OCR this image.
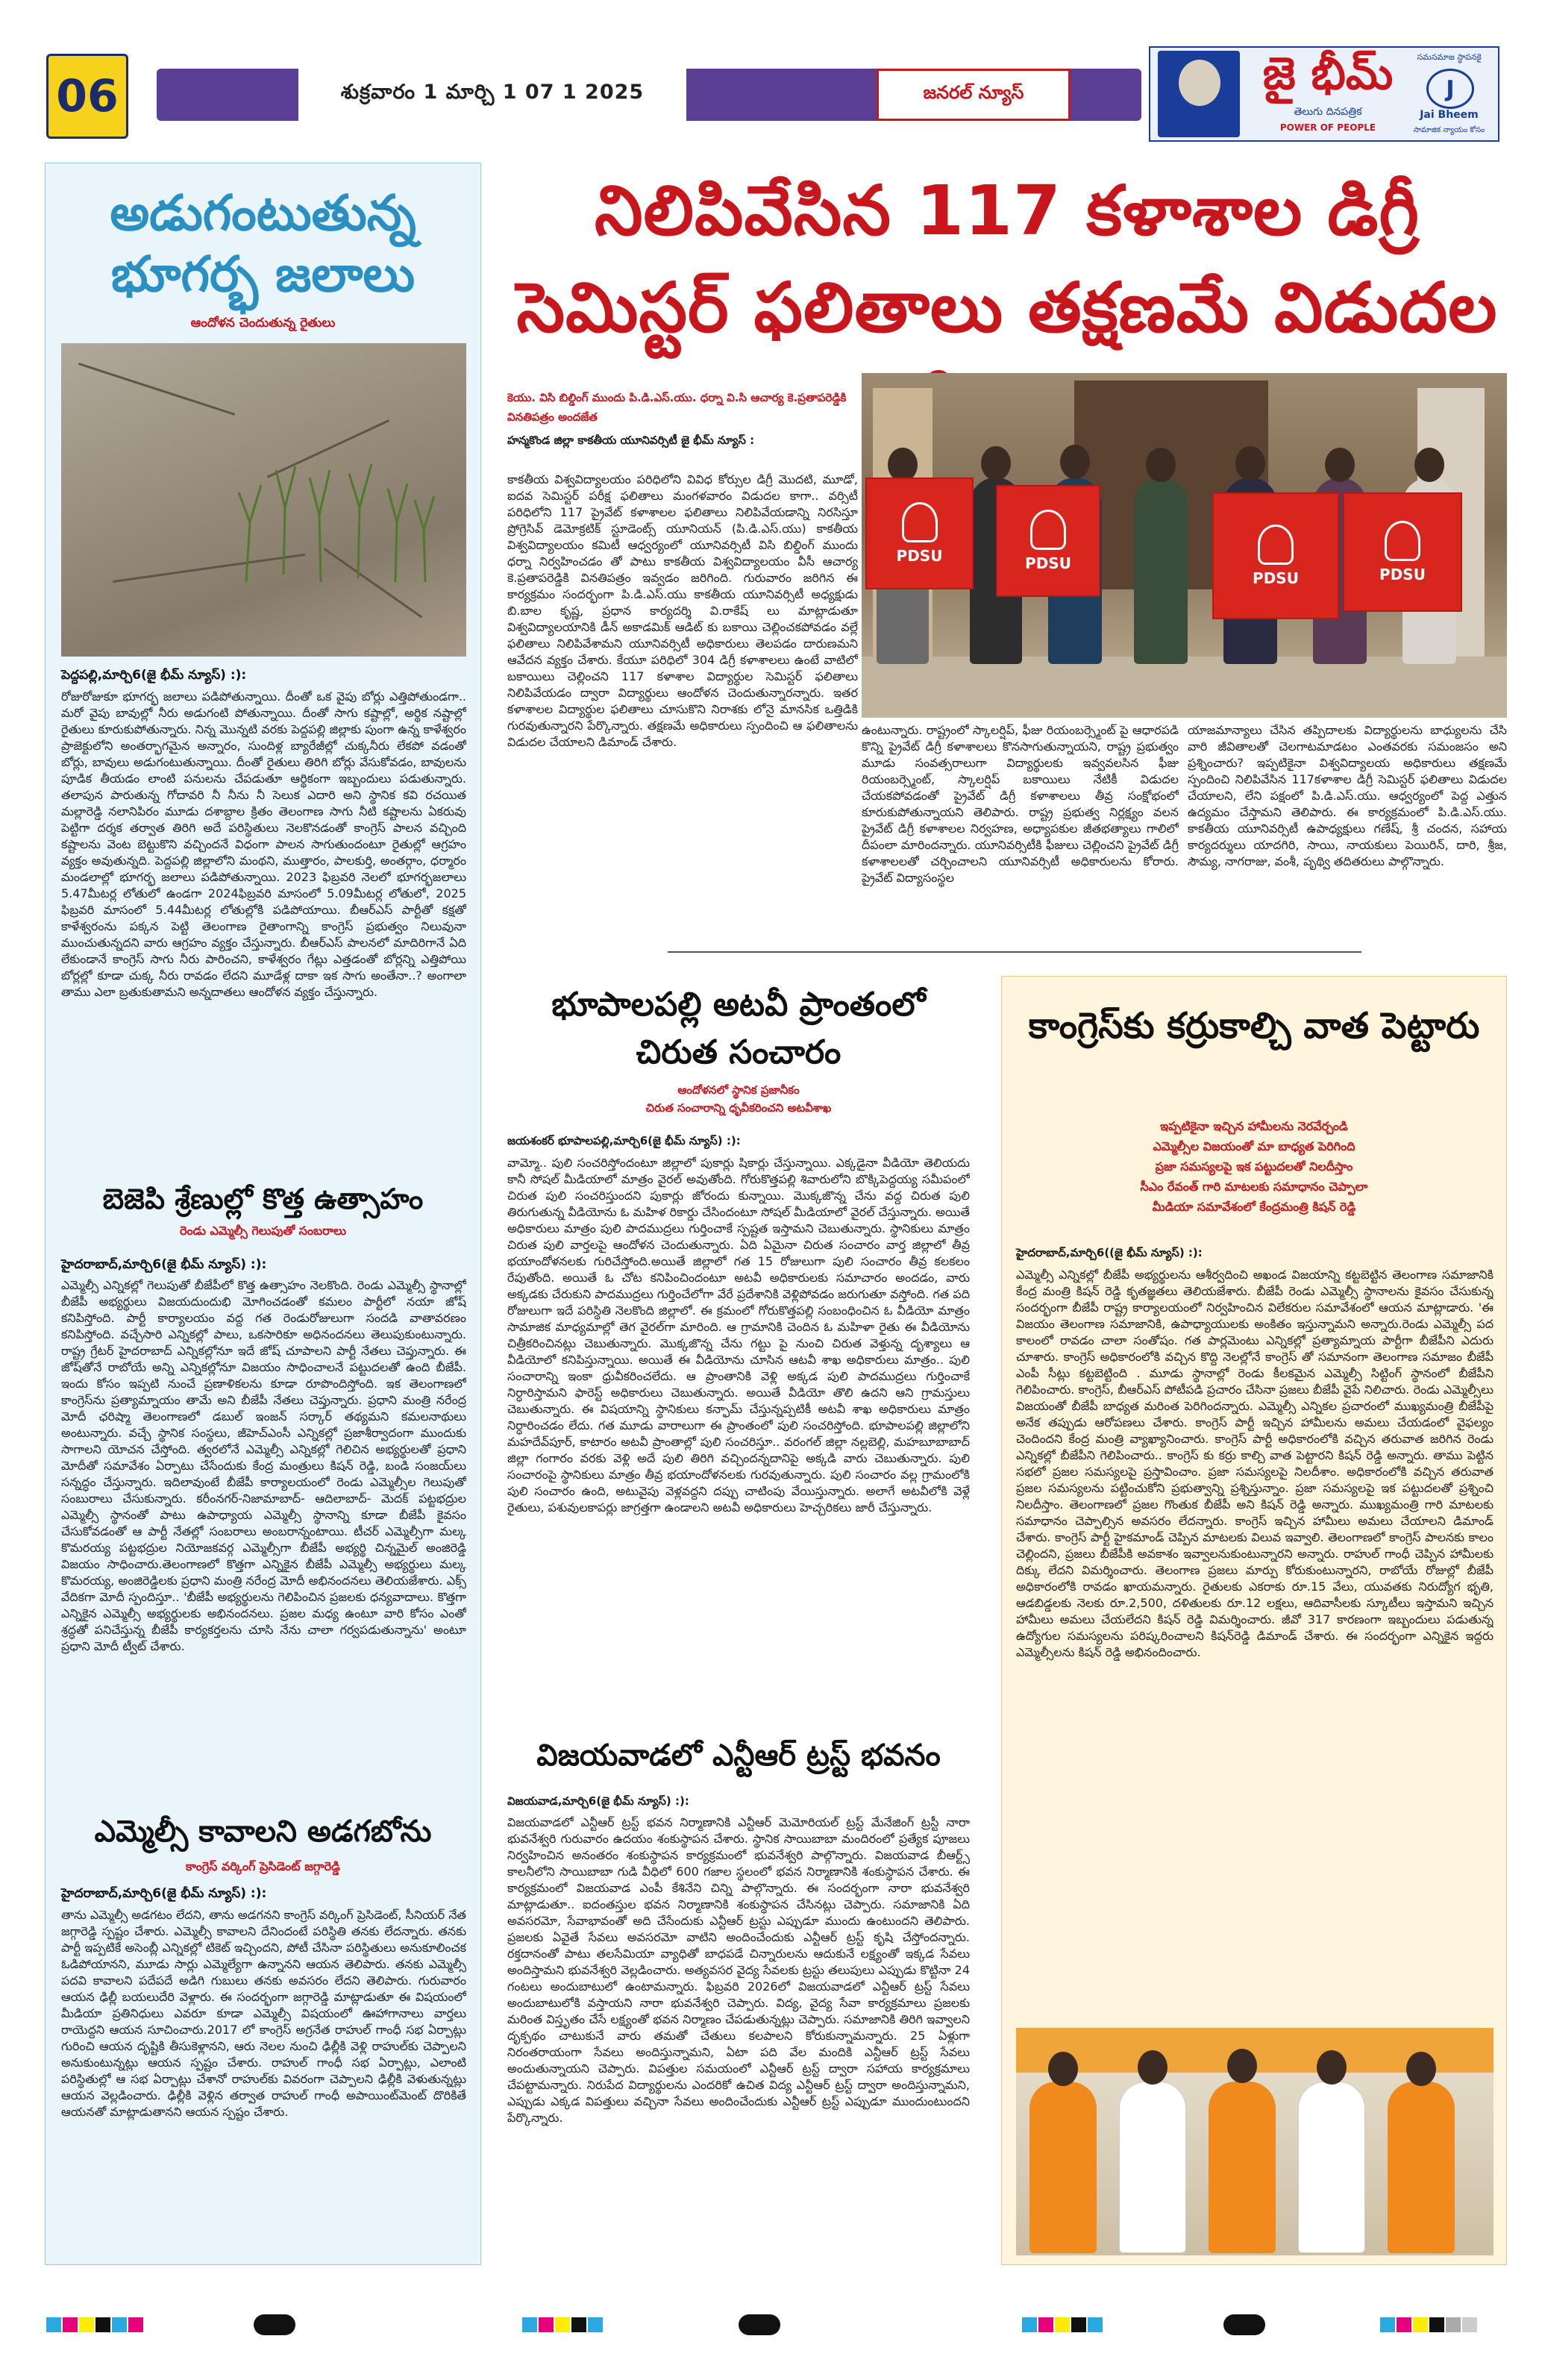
06	శుక్రవారం 1 మార్చి 1 07 1 2025	జనరల్ న్యూస్	జై భీమ్
తెలుగు దినపత్రిక
POWER OF PEOPLE
సమసమాజ స్థాపనకై
J
Jai Bheem
సామాజిక న్యాయం కోసం
అడుగంటుతున్న భూగర్భ జలాలు
ఆందోళన చెందుతున్న రైతులు
పెద్దపల్లి,మార్చి6(జై భీమ్ న్యూస్) :):
రోజురోజుకూ భూగర్భ జలాలు పడిపోతున్నాయి. దీంతో ఒక వైపు బోర్లు ఎత్తిపోతుండగా.. మరో వైపు బావుల్లో నీరు అడుగంటి పోతున్నాయి. దీంతో సాగు కష్టాల్లో, అర్థిక నష్టాల్లో రైతులు కూరుకుపోతున్నారు. నిన్న మొన్నటి వరకు పెద్దపల్లి జిల్లాకు పుంగా ఉన్న కాళేశ్వరం ప్రాజెక్టులోని అంతర్భాగమైన అన్నారం, సుందిళ్ల బ్యారేజీల్లో చుక్కనీరు లేకపో వడంతో బోర్లు, బావులు అడుగంటుతున్నాయి. దీంతో రైతులు తిరిగి బోర్లు వేసుకోవడం, బావులను పూడిక తీయడం లాంటి పనులను చేపడుతూ ఆర్థికంగా ఇబ్బందులు పడుతున్నారు. తలాపున పారుతున్న గోదావరి నీ నీను నీ సెలుక ఎదారి అని స్థానిక కవి రచయిత మల్లారెడ్డి నలానిపిరం మూడు దశాబ్దాల క్రితం తెలంగాణ సాగు నీటి కష్టాలను ఏకరువు పెట్టిగా దర్శక తర్వాత తిరిగి అదే పరిస్థితులు నెలకొనడంతో కాంగ్రెస్ పాలన వచ్చింది కష్టాలను వెంట బెట్టుకొని వచ్చిందనే విధంగా పాలన సాగుతుందంటూ రైతుల్లో ఆగ్రహం వ్యక్తం అవుతున్నది. పెద్దపల్లి జిల్లాలోని మంథని, ముత్తారం, పాలకుర్తి, అంతర్గాం, ధర్మారం మండలాల్లో భూగర్భ జలాలు పడిపోతున్నాయి. 2023 ఫిబ్రవరి నెలలో భూగర్భజలాలు 5.47మీటర్ల లోతులో ఉండగా 2024ఫిబ్రవరి మాసంలో 5.09మీటర్ల లోతులో, 2025 ఫిబ్రవరి మాసంలో 5.44మీటర్ల లోతుల్లోకి పడిపోయాయి. బీఆర్ఎస్ పార్టీతో కక్షతో కాళేశ్వరంను పక్కన పెట్టి తెలంగాణ రైతాంగాన్ని కాంగ్రెస్ ప్రభుత్వం నిలువునా ముంచుతున్నదని వారు ఆగ్రహం వ్యక్తం చేస్తున్నారు. బీఆర్ఎస్ పాలనలో మాదిరిగానే ఏది లేకుండానే కాంగ్రెస్ సాగు నీరు పారించని, కాళేశ్వరం గేట్లు ఎత్తడంతో బోర్లన్ని ఎత్తిపోయి బోర్లల్లో కూడా చుక్క నీరు రావడం లేదని మూడేళ్ల దాకా ఇక సాగు అంతేనా..? అంగాలా తాము ఎలా బ్రతుకుతామని అన్నదాతలు ఆందోళన వ్యక్తం చేస్తున్నారు.
బెజెపి శ్రేణుల్లో కొత్త ఉత్సాహం
రెండు ఎమ్మెల్సీ గెలుపుతో సంబరాలు
హైదరాబాద్,మార్చి6(జై భీమ్ న్యూస్) :):
ఎమ్మెల్సీ ఎన్నికల్లో గెలుపుతో బీజేపీలో కొత్త ఉత్సాహం నెలకొంది. రెండు ఎమ్మెల్సీ స్థానాల్లో బీజేపీ అభ్యర్థులు విజయదుందుభి మోగించడంతో కమలం పార్టీలో నయా జోష్ కనిపిస్తోంది. పార్టీ కార్యాలయం వద్ద గత రెండురోజులుగా సందడి వాతావరణం కనిపిస్తోంది. వచ్చేసారి ఎన్నికల్లో పాలు, ఒకసారికూ అధినందనలు తెలుపుకుంటున్నారు. రాష్ట్ర గ్రేటర్ హైదరాబాద్ ఎన్నికల్లోనూ ఇదే జోష్ చూపాలని పార్టీ నేతలు చెప్తున్నారు. ఈ జోష్‌తోనే రాబోయే అన్ని ఎన్నికల్లోనూ విజయం సాధించాలనే పట్టుదలతో ఉంది బీజేపీ. ఇందు కోసం ఇప్పటి నుంచే ప్రణాళికలను కూడా రూపొందిస్తోంది. ఇక తెలంగాణలో కాంగ్రెస్‌ను ప్రత్యామ్నాయం తామే అని బీజేపీ నేతలు చెప్తున్నారు. ప్రధాని మంత్రి నరేంద్ర మోదీ ఛరిష్మా తెలంగాణలో డబుల్ ఇంజన్ సర్కార్ తథ్యమని కమలనాథులు అంటున్నారు. వచ్చే స్థానిక సంస్థలు, జీహెచ్ఎంసీ ఎన్నికల్లో ప్రజాశీర్వాదంగా ముందుకు సాగాలని యోచన చేస్తోంది. త్వరలోనే ఎమ్మెల్సీ ఎన్నికల్లో గెలిచిన అభ్యర్థులతో ప్రధాని మోదీతో సమావేశం ఏర్పాటు చేసేందుకు కేంద్ర మంత్రులు కిషన్ రెడ్డి, బండి సంజయ్‌లు సన్నద్ధం చేస్తున్నారు. ఇదిలావుంటే బీజేపీ కార్యాలయంలో రెండు ఎమ్మెల్సీల గెలుపుతో సంబురాలు చేసుకున్నారు. కరీంనగర్-నిజామాబాద్- ఆదిలాబాద్- మెదక్ పట్టభద్రుల ఎమ్మెల్సీ స్థానంతో పాటు ఉపాధ్యాయ ఎమ్మెల్సీ స్థానాన్ని కూడా బీజేపీ కైవసం చేసుకోవడంతో ఆ పార్టీ నేతల్లో సంబరాలు అంబరాన్నంటాయి. టీచర్ ఎమ్మెల్సీగా మల్క కొమరయ్య పట్టభద్రుల నియోజకవర్గ ఎమ్మెల్సీగా బీజేపీ అభ్యర్థి చిన్నమైల్ అంజిరెడ్డి విజయం సాధించారు.తెలంగాణలో కొత్తగా ఎన్నికైన బీజేపీ ఎమ్మెల్సీ అభ్యర్థులు మల్క కొమరయ్య, అంజిరెడ్డిలకు ప్రధాని మంత్రి నరేంద్ర మోదీ అభినందనలు తెలియజేశారు. ఎక్స్ వేదికగా మోదీ స్పందిస్తూ.. 'బీజేపీ అభ్యర్థులను గెలిపించిన ప్రజలకు ధన్యవాదాలు. కొత్తగా ఎన్నికైన ఎమ్మెల్సీ అభ్యర్థులకు అభినందనలు. ప్రజల మధ్య ఉంటూ వారి కోసం ఎంతో శ్రద్ధతో పనిచేస్తున్న బీజేపీ కార్యకర్తలను చూసి నేను చాలా గర్వపడుతున్నాను' అంటూ ప్రధాని మోదీ ట్వీట్ చేశారు.
ఎమ్మెల్సీ కావాలని అడగబోను
కాంగ్రెస్ వర్కింగ్ ప్రెసిడెంట్ జగ్గారెడ్డి
హైదరాబాద్,మార్చి6(జై భీమ్ న్యూస్) :):
తాను ఎమ్మెల్సీ అడగటం లేదని, తాను అడగనని కాంగ్రెస్ వర్కింగ్ ప్రెసిడెంట్, సీనియర్ నేత జగ్గారెడ్డి స్పష్టం చేశారు. ఎమ్మెల్సీ కావాలని దేనిందంటే పరిస్థితి తనకు లేదన్నారు. తనకు పార్టీ ఇప్పటికే అసెంబ్లీ ఎన్నికల్లో టికెట్ ఇచ్చిందని, పోటీ చేసినా పరిస్థితులు అనుకూలించక ఓడిపోయానని, మూడు సార్లు ఎమ్మెల్యేగా ఉన్నానని ఆయన తెలిపారు. తనకు ఎమ్మెల్సీ పదవి కావాలని పదేపదే అడిగి గుబులు తనకు అవసరం లేదని తెలిపారు. గురువారం ఆయన ఢిల్లీ బయలుదేరి వెళ్లారు. ఈ సందర్భంగా జగ్గారెడ్డి మాట్లాడుతూ ఈ విషయంలో మీడియా ప్రతినిధులు ఎవరూ కూడా ఎమ్మెల్సీ విషయంలో ఊహాగానాలు వార్తలు రాయెద్దని ఆయన సూచించారు.2017 లో కాంగ్రెస్ అగ్రనేత రాహుల్ గాంధీ సభ ఏర్పాట్లు గురించి ఆయన దృష్టికి తీసుకెళ్లానని, ఆరు నెలల నుంచి ఢిల్లీకి వెళ్లి రాహుల్‌కు చెప్పాలని అనుకుంటున్నట్లు ఆయన స్పష్టం చేశారు. రాహుల్ గాంధీ సభ ఏర్పాట్లు, ఎలాంటి పరిస్థితుల్లో ఆ సభ ఏర్పాట్లు చేశానో రాహుల్‌కు వివరంగా చెప్పాలని ఢిల్లీకి వెళుతున్నట్లు ఆయన వెల్లడించారు. ఢిల్లీకి వెళ్లిన తర్వాత రాహుల్ గాంధీ అపాయింట్‌మెంట్ దొరికితే ఆయనతో మాట్లాడుతానని ఆయన స్పష్టం చేశారు.
నిలిపివేసిన 117 కళాశాల డిగ్రీ సెమిస్టర్ ఫలితాలు తక్షణమే విడుదల
కెయు. విసి బిల్డింగ్ ముందు పి.డి.ఎస్.యు. ధర్నా వి.సి ఆచార్య కె.ప్రతాపరెడ్డికి వినతిపత్రం అందజేత
హన్మకొండ జిల్లా కాకతీయ యూనివర్సిటీ జై భీమ్ న్యూస్ :
కాకతీయ విశ్వవిద్యాలయం పరిధిలోని వివిధ కోర్సుల డిగ్రీ మొదటి, మూడో, ఐదవ సెమిస్టర్ పరీక్ష ఫలితాలు మంగళవారం విడుదల కాగా.. వర్సిటీ పరిధిలోని 117 ప్రైవేట్ కళాశాలల ఫలితాలు నిలిపివేయడాన్ని నిరసిస్తూ ప్రోగ్రెసివ్ డెమోక్రటిక్ స్టూడెంట్స్ యూనియన్ (పి.డి.ఎస్.యు) కాకతీయ విశ్వవిద్యాలయం కమిటీ ఆధ్వర్యంలో యూనివర్సిటీ విసి బిల్డింగ్ ముందు ధర్నా నిర్వహించడం తో పాటు కాకతీయ విశ్వవిద్యాలయం వీసీ ఆచార్య కె.ప్రతాపరెడ్డికి వినతిపత్రం ఇవ్వడం జరిగింది. గురువారం జరిగిన ఈ కార్యక్రమం సందర్భంగా పి.డి.ఎస్.యు కాకతీయ యూనివర్సిటీ అధ్యక్షుడు బి.బాల కృష్ణ, ప్రధాన కార్యదర్శి వి.రాకేష్ లు మాట్లాడుతూ విశ్వవిద్యాలయానికి డీన్ అకాడమిక్ ఆడిట్ కు బకాయి చెల్లించకపోవడం వల్లే ఫలితాలు నిలిపివేశామని యూనివర్సిటీ అధికారులు తెలపడం దారుణమని ఆవేదన వ్యక్తం చేశారు. కేయూ పరిధిలో 304 డిగ్రీ కళాశాలలు ఉంటే వాటిలో బకాయిలు చెల్లించని 117 కళాశాల విద్యార్థుల సెమిస్టర్ ఫలితాలు నిలిపివేయడం ద్వారా విద్యార్థులు ఆందోళన చెందుతున్నారన్నారు. ఇతర కళాశాలల విద్యార్థుల ఫలితాలు చూసుకొని నిరాశకు లోనై మానసిక ఒత్తిడికి గురవుతున్నారని పేర్కొన్నారు. తక్షణమే అధికారులు స్పందించి ఆ ఫలితాలను విడుదల చేయాలని డిమాండ్ చేశారు.
PDSU	PDSU
PDSU	PDSU
ఉంటున్నారు. రాష్ట్రంలో స్కాలర్షిప్, ఫీజు రియంబర్స్మెంట్ పై ఆధారపడి కొన్ని ప్రైవేట్ డిగ్రీ కళాశాలలు కొనసాగుతున్నాయని, రాష్ట్ర ప్రభుత్వం మూడు సంవత్సరాలుగా విద్యార్థులకు ఇవ్వవలసిన ఫీజు రియంబర్స్మెంట్, స్కాలర్షిప్ బకాయిలు నేటికీ విడుదల చేయకపోవడంతో ప్రైవేట్ డిగ్రీ కళాశాలలు తీవ్ర సంక్షోభంలో కూరుకుపోతున్నాయని తెలిపారు. రాష్ట్ర ప్రభుత్వ నిర్లక్ష్యం వలన ప్రైవేట్ డిగ్రీ కళాశాలల నిర్వహణ, అధ్యాపకుల జీతభత్యాలు గాలిలో దీపంలా మారిందన్నారు. యూనివర్సిటీకి ఫీజులు చెల్లించని ప్రైవేట్ డిగ్రీ కళాశాలలతో చర్చించాలని యూనివర్సిటీ అధికారులను కోరారు. ప్రైవేట్ విద్యాసంస్థల
యాజమాన్యాలు చేసిన తప్పిదాలకు విద్యార్థులను బాధ్యులను చేసి వారి జీవితాలతో చెలగాటమాడటం ఎంతవరకు సమంజసం అని ప్రశ్నించారు? ఇప్పటికైనా విశ్వవిద్యాలయ అధికారులు తక్షణమే స్పందించి నిలిపివేసిన 117కళాశాల డిగ్రీ సెమిస్టర్ ఫలితాలు విడుదల చేయాలని, లేని పక్షంలో పి.డి.ఎస్.యు. ఆధ్వర్యంలో పెద్ద ఎత్తున ఉద్యమం చేస్తామని తెలిపారు. ఈ కార్యక్రమంలో పి.డి.ఎస్.యు. కాకతీయ యూనివర్సిటీ ఉపాధ్యక్షులు గణేష్, శ్రీ చందన, సహాయ కార్యదర్శులు యాదగిరి, సాయి, నాయకులు పెయిరిన్, దారి, శ్రీజ, సౌమ్య, నాగరాజు, వంశీ, పృథ్వి తదితరులు పాల్గొన్నారు.
భూపాలపల్లి అటవీ ప్రాంతంలో చిరుత సంచారం
ఆందోళనలో స్థానిక ప్రజానీకం
చిరుత సంచారాన్ని ధృవీకరించని అటవీశాఖ
జయశంకర్ భూపాలపల్లి,మార్చి6(జై భీమ్ న్యూస్) :):
వామ్మో.. పులి సంచరిస్తోందంటూ జిల్లాలో పుకార్లు షికార్లు చేస్తున్నాయి. ఎక్కడైనా వీడియో తెలియదు కానీ సోషల్ మీడియాలో మాత్రం వైరల్ అవుతోంది. గోరుకొత్తపల్లి శివారులోని బొక్కిపెద్దయ్య సమీపంలో చిరుత పులి సంచరిస్తుందని పుకార్లు జోరందు కున్నాయి. మొక్కజొన్న చేను వద్ద చిరుత పులి తిరుగుతున్న వీడియోను ఓ మహిళ రికార్డు చేసిందంటూ సోషల్ మీడియాలో వైరల్ చేస్తున్నారు. అయితే అధికారులు మాత్రం పులి పాదముద్రలు గుర్తించాకే స్పష్టత ఇస్తామని చెబుతున్నారు. స్థానికులు మాత్రం చిరుత పులి వార్తలపై ఆందోళన చెందుతున్నారు. ఏది ఏమైనా చిరుత సంచారం వార్త జిల్లాలో తీవ్ర భయాందోళనలకు గురిచేస్తోంది.అయితే జిల్లాలో గత 15 రోజులుగా పులి సంచారం తీవ్ర కలకలం రేపుతోంది. అయితే ఓ చోట కనిపించిందంటూ అటవీ అధికారులకు సమాచారం అందడం, వారు అక్కడకు చేరుకుని పాదముద్రలు గుర్తించేలోగా వేరే ప్రదేశానికి వెళ్లిపోవడం జరుగుతూ వస్తోంది. గత పది రోజులుగా ఇదే పరిస్థితి నెలకొంది జిల్లాలో. ఈ క్రమంలో గోరుకొత్తపల్లి సంబంధించిన ఓ వీడియో మాత్రం సామాజిక మాధ్యమాల్లో తెగ వైరల్‌గా మారింది. ఆ గ్రామానికి చెందిన ఓ మహిళా రైతు ఈ వీడియోను చిత్రీకరించినట్లు చెబుతున్నారు. మొక్కజొన్న చేను గట్టు పై నుంచి చిరుత వెళ్తున్న దృశ్యాలు ఆ వీడియోలో కనిపిస్తున్నాయి. అయితే ఈ వీడియోను చూసిన ఆటవీ శాఖ అధికారులు మాత్రం.. పులి సంచారాన్ని ఇంకా ధ్రువీకరించలేదు. ఆ ప్రాంతానికి వెళ్లి అక్కడ పులి పాదముద్రలు గుర్తించాకే నిర్ధారిస్తామని ఫారెస్ట్ అధికారులు చెబుతున్నారు. అయితే వీడియో తొలి ఉదని ఆని గ్రామస్తులు చెబుతున్నారు. ఈ విషయాన్ని స్థానికులు కన్ఫామ్ చేస్తున్నప్పటికీ అటవీ శాఖ అధికారులు మాత్రం నిర్ధారించడం లేదు. గత మూడు వారాలుగా ఈ ప్రాంతంలో పులి సంచరిస్తోంది. భూపాలపల్లి జిల్లాలోని మహదేవ్‌పూర్, కాటారం అటవీ ప్రాంతాల్లో పులి సంచరిస్తూ.. వరంగల్ జిల్లా నల్లబెల్లి, మహబూబాబాద్ జిల్లా గంగారం వరకు వెళ్లి అదే పులి తిరిగి వచ్చిందన్నదానిపై అక్కడి వారు చెబుతున్నారు. పులి సంచారంపై స్థానికులు మాత్రం తీవ్ర భయాందోళనలకు గురవుతున్నారు. పులి సంచారం వల్ల గ్రామంలోకి పులి సంచారం ఉంది, అటువైపు వెళ్లవద్దని దప్పు చాటింపు వేయిస్తున్నారు. అలాగే అటవీలోకి వెళ్లే రైతులు, పశువులకాపర్లు జాగ్రత్తగా ఉండాలని అటవీ అధికారులు హెచ్చరికలు జారీ చేస్తున్నారు.
విజయవాడలో ఎన్టీఆర్ ట్రస్ట్ భవనం
విజయవాడ,మార్చి6(జై భీమ్ న్యూస్) :):
విజయవాడలో ఎన్టీఆర్ ట్రస్ట్ భవన నిర్మాణానికి ఎన్టీఆర్ మెమోరియల్ ట్రస్ట్ మేనేజింగ్ ట్రస్టీ నారా భువనేశ్వరి గురువారం ఉదయం శంకుస్థాపన చేశారు. స్థానిక సాయిబాబా మందిరంలో ప్రత్యేక పూజలు నిర్వహించిన అనంతరం శంకుస్థాపన కార్యక్రమంలో భువనేశ్వరి పాల్గొన్నారు. విజయవాడ బీఆర్ట్స్ కాలనీలోని సాయిబాబా గుడి వీధిలో 600 గజాల స్థలంలో భవన నిర్మాణానికి శంకుస్థాపన చేశారు. ఈ కార్యక్రమంలో విజయవాడ ఎంపీ కేశినేని చిన్ని పాల్గొన్నారు. ఈ సందర్భంగా నారా భువనేశ్వరి మాట్లాడుతూ.. ఐదంతస్తుల భవన నిర్మాణానికి శంకుస్థాపన చేసినట్లు చెప్పారు. సమాజానికి ఏది అవసరమో, సేవాభావంతో అది చేసేందుకు ఎన్టీఆర్ ట్రస్టు ఎప్పుడూ ముందు ఉంటుందని తెలిపారు. ప్రజలకు ఏవైతే సేవలు అవసరమో వాటిని అందించేందుకు ఎన్టీఆర్ ట్రస్ట్ కృషి చేస్తోందన్నారు. రక్తదానంతో పాటు తలసేమియా వ్యాధితో బాధపడే చిన్నారులను ఆదుకునే లక్ష్యంతో ఇక్కడ సేవలు అందిస్తామని భువనేశ్వరి వెల్లడించారు. అత్యవసర వైద్య సేవలకు ట్రస్టు తలుపులు ఎప్పుడు కొట్టినా 24 గంటలు అందుబాటులో ఉంటామన్నారు. ఫిబ్రవరి 2026లో విజయవాడలో ఎన్టీఆర్ ట్రస్ట్ సేవలు అందుబాటులోకి వస్తాయని నారా భువనేశ్వరి చెప్పారు. విద్య, వైద్య సేవా కార్యక్రమాలు ప్రజలకు మరింత విస్తృతం చేసే లక్ష్యంతో భవన నిర్మాణం చేపడుతున్నట్లు చెప్పారు. సమాజానికి తిరిగి ఇవ్వాలని దృక్పథం చాటుకునే వారు తమతో చేతులు కలపాలని కోరుకున్నామన్నారు. 25 ఏళ్లుగా నిరంతరాయంగా సేవలు అందిస్తున్నామని, ఏటా పది వేల మందికి ఎన్టీఆర్ ట్రస్ట్ సేవలు అందుతున్నాయని చెప్పారు. విపత్తుల సమయంలో ఎన్టీఆర్ ట్రస్ట్ ద్వారా సహాయ కార్యక్రమాలు చేపట్టామన్నారు. నిరుపేద విద్యార్థులను ఎందరికో ఉచిత విద్య ఎన్టీఆర్ ట్రస్ట్ ద్వారా అందిస్తున్నామని, ఎప్పుడు ఎక్కడ విపత్తులు వచ్చినా సేవలు అందించేందుకు ఎన్టీఆర్ ట్రస్ట్ ఎప్పుడూ ముందుంటుందని పేర్కొన్నారు.
కాంగ్రెస్‌కు కర్రుకాల్చి వాత పెట్టారు
ఇప్పటికైనా ఇచ్చిన హామీలను నెరవేర్చండి
ఎమ్మెల్సీల విజయంతో మా బాధ్యత పెరిగింది
ప్రజా సమస్యలపై ఇక పట్టుదలతో నిలదీస్తాం
సీఎం రేవంత్ గారి మాటలకు సమాధానం చెప్పాలా
మీడియా సమావేశంలో కేంద్రమంత్రి కిషన్ రెడ్డి
హైదరాబాద్,మార్చి6((జై భీమ్ న్యూస్) :):
ఎమ్మెల్సీ ఎన్నికల్లో బీజేపీ అభ్యర్థులను ఆశీర్వదించి అఖండ విజయాన్ని కట్టబెట్టిన తెలంగాణ సమాజానికి కేంద్ర మంత్రి కిషన్ రెడ్డి కృతజ్ఞతలు తెలియజేశారు. బీజేపీ రెండు ఎమ్మెల్సీ స్థానాలను కైవసం చేసుకున్న సందర్భంగా బీజేపీ రాష్ట్ర కార్యాలయంలో నిర్వహించిన విలేకరుల సమావేశంలో ఆయన మాట్లాడారు. 'ఈ విజయం తెలంగాణ సమాజానికి, ఉపాధ్యాయులకు అంకితం ఇస్తున్నామని అన్నారు.రెండు ఎమ్మెల్సీ పద కాలంలో రావడం చాలా సంతోషం. గత పార్లమెంటు ఎన్నికల్లో ప్రత్యామ్నాయ పార్టీగా బీజేపీని ఎదురు చూశారు. కాంగ్రెస్ అధికారంలోకి వచ్చిన కొద్ది నెలల్లోనే కాంగ్రెస్ తో సమానంగా తెలంగాణ సమాజం బీజేపీ ఎంపీ సీట్లు కట్టబెట్టింది . మూడు స్థానాల్లో రెండు కీలకమైన ఎమ్మెల్సీ సిట్టింగ్ స్థానంలో బీజేపీని గెలిపించారు. కాంగ్రెస్, బీఆర్ఎస్ పోటీపడి ప్రచారం చేసినా ప్రజలు బీజేపీ వైపే నిలిచారు. రెండు ఎమ్మెల్సీలు విజయంతో బీజేపీ బాధ్యత మరింత పెరిగిందన్నారు. ఎమ్మెల్సీ ఎన్నికల ప్రచారంలో ముఖ్యమంత్రి బీజేపీపై అనేక తప్పుడు ఆరోపణలు చేశారు. కాంగ్రెస్ పార్టీ ఇచ్చిన హామీలను అమలు చేయడంలో వైఫల్యం చెందిందని కేంద్ర మంత్రి వ్యాఖ్యానించారు. కాంగ్రెస్ పార్టీ అధికారంలోకి వచ్చిన తరువాత జరిగిన రెండు ఎన్నికల్లో బీజేపీని గెలిపించారు.. కాంగ్రెస్ కు కర్రు కాల్చి వాత పెట్టారని కిషన్ రెడ్డి అన్నారు. తాము పెట్టిన సభలో ప్రజల సమస్యలపై ప్రస్తావించాం. ప్రజా సమస్యలపై నిలదీశాం. అధికారంలోకి వచ్చిన తరువాత ప్రజల సమస్యలను పట్టించుకోని ప్రభుత్వాన్ని ప్రశ్నిస్తున్నాం. ప్రజా సమస్యలపై ఇక పట్టుదలతో ప్రశ్నించి నిలదీస్తాం. తెలంగాణలో ప్రజల గొంతుక బీజేపీ అని కిషన్ రెడ్డి అన్నారు. ముఖ్యమంత్రి గారి మాటలకు సమాధానం చెప్పాల్సిన అవసరం లేదన్నారు. కాంగ్రెస్ ఇచ్చిన హామీలు అమలు చేయాలని డిమాండ్ చేశారు. కాంగ్రెస్ పార్టీ హైకమాండ్ చెప్పిన మాటలకు విలువ ఇవ్వాలి. తెలంగాణలో కాంగ్రెస్ పాలనకు కాలం చెల్లిందని, ప్రజలు బీజేపీకి అవకాశం ఇవ్వాలనుకుంటున్నారని అన్నారు. రాహుల్ గాంధీ చెప్పిన హామీలకు దిక్కు లేదని విమర్శించారు. తెలంగాణ ప్రజలు మార్పు కోరుకుంటున్నారని, రాబోయే రోజుల్లో బీజేపీ అధికారంలోకి రావడం ఖాయమన్నారు. రైతులకు ఎకరాకు రూ.15 వేలు, యువతకు నిరుద్యోగ భృతి, ఆడబిడ్డలకు నెలకు రూ.2,500, దళితులకు రూ.12 లక్షలు, ఆదివాసీలకు స్కూటీలు ఇస్తామని ఇచ్చిన హామీలు అమలు చేయలేదని కిషన్ రెడ్డి విమర్శించారు. జీవో 317 కారణంగా ఇబ్బందులు పడుతున్న ఉద్యోగుల సమస్యలను పరిష్కరించాలని కిషన్‌రెడ్డి డిమాండ్ చేశారు. ఈ సందర్భంగా ఎన్నికైన ఇద్దరు ఎమ్మెల్సీలను కిషన్ రెడ్డి అభినందించారు.
